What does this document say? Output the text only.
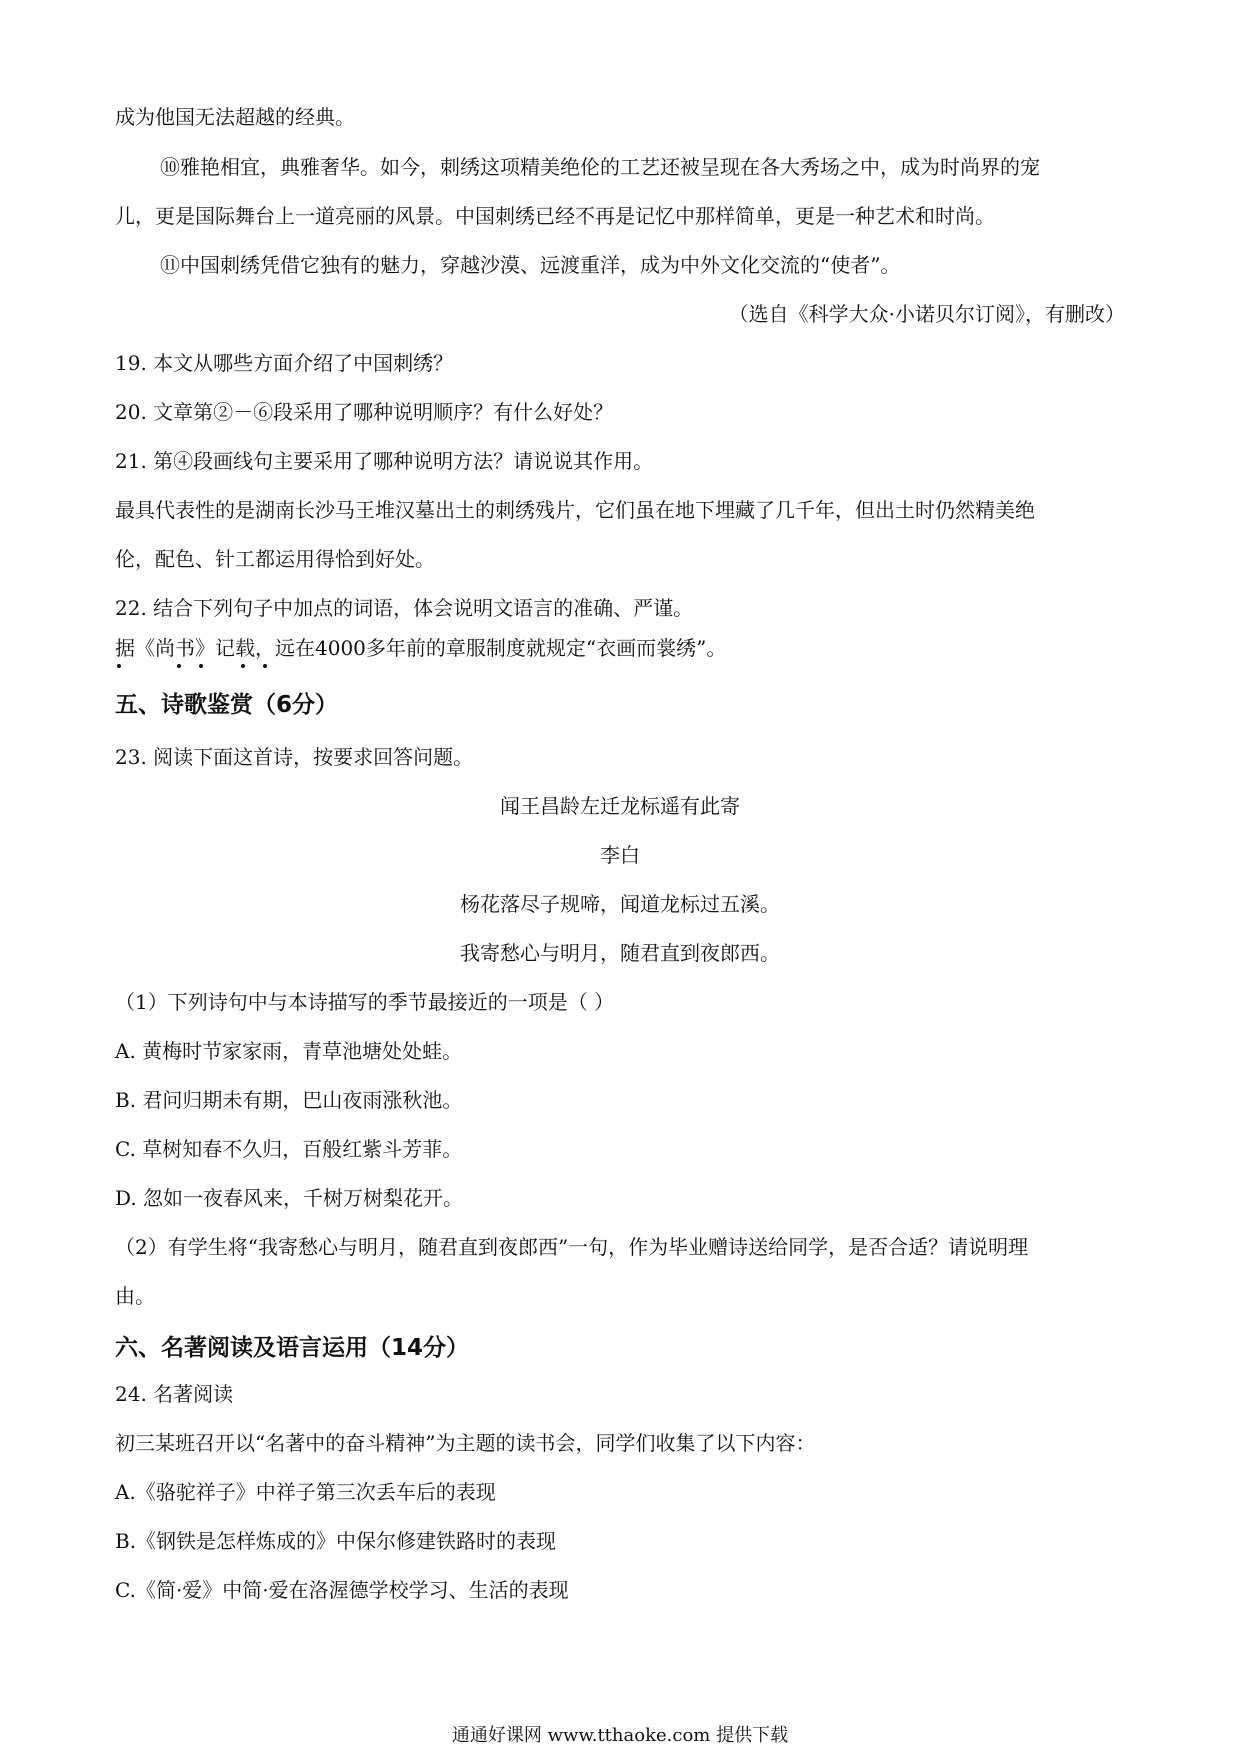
成为他国无法超越的经典。
⑩雅艳相宜，典雅奢华。如今，刺绣这项精美绝伦的工艺还被呈现在各大秀场之中，成为时尚界的宠
儿，更是国际舞台上一道亮丽的风景。中国刺绣已经不再是记忆中那样简单，更是一种艺术和时尚。
⑪中国刺绣凭借它独有的魅力，穿越沙漠、远渡重洋，成为中外文化交流的“使者”。
（选自《科学大众·小诺贝尔订阅》，有删改）
19. 本文从哪些方面介绍了中国刺绣？
20. 文章第②－⑥段采用了哪种说明顺序？有什么好处？
21. 第④段画线句主要采用了哪种说明方法？请说说其作用。
最具代表性的是湖南长沙马王堆汉墓出土的刺绣残片，它们虽在地下埋藏了几千年，但出土时仍然精美绝
伦，配色、针工都运用得恰到好处。
22. 结合下列句子中加点的词语，体会说明文语言的准确、严谨。
据《尚书》记载，远在4000多年前的章服制度就规定“衣画而裳绣”。
五、诗歌鉴赏（6分）
23. 阅读下面这首诗，按要求回答问题。
闻王昌龄左迁龙标遥有此寄
李白
杨花落尽子规啼，闻道龙标过五溪。
我寄愁心与明月，随君直到夜郎西。
（1）下列诗句中与本诗描写的季节最接近的一项是（ ）
A. 黄梅时节家家雨，青草池塘处处蛙。
B. 君问归期未有期，巴山夜雨涨秋池。
C. 草树知春不久归，百般红紫斗芳菲。
D. 忽如一夜春风来，千树万树梨花开。
（2）有学生将“我寄愁心与明月，随君直到夜郎西”一句，作为毕业赠诗送给同学，是否合适？请说明理
由。
六、名著阅读及语言运用（14分）
24. 名著阅读
初三某班召开以“名著中的奋斗精神”为主题的读书会，同学们收集了以下内容：
A.《骆驼祥子》中祥子第三次丢车后的表现
B.《钢铁是怎样炼成的》中保尔修建铁路时的表现
C.《简·爱》中简·爱在洛渥德学校学习、生活的表现
通通好课网 www.tthaoke.com 提供下载
